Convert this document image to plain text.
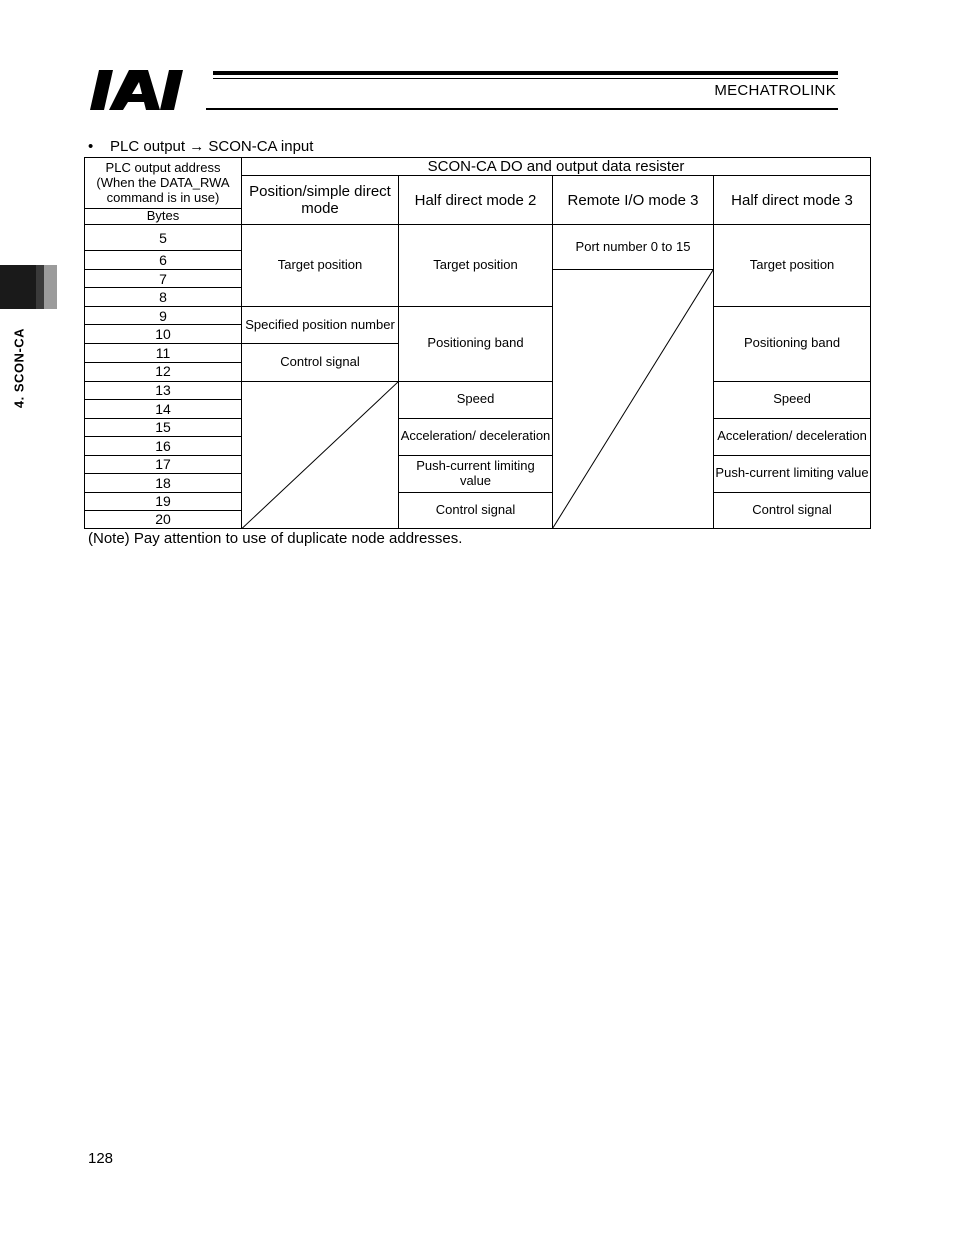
MECHATROLINK
4. SCON-CA
• PLC output → SCON-CA input
PLC output address (When the DATA_RWA command is in use)	SCON-CA DO and output data resister			
	Position/simple direct mode	Half direct mode 2	Remote I/O mode 3	Half direct mode 3
Bytes				
5	Target position	Target position	Port number 0 to 15	Target position
6				
7	

8				
9	Specified position number	Positioning band		Positioning band
10				
11	Control signal			
12				
13		Speed		Speed
14				
15		Acceleration/ deceleration		Acceleration/ deceleration
16				
17		Push-current limiting value		Push-current limiting value
18				
19		Control signal		Control signal
20				
(Note) Pay attention to use of duplicate node addresses.
128
